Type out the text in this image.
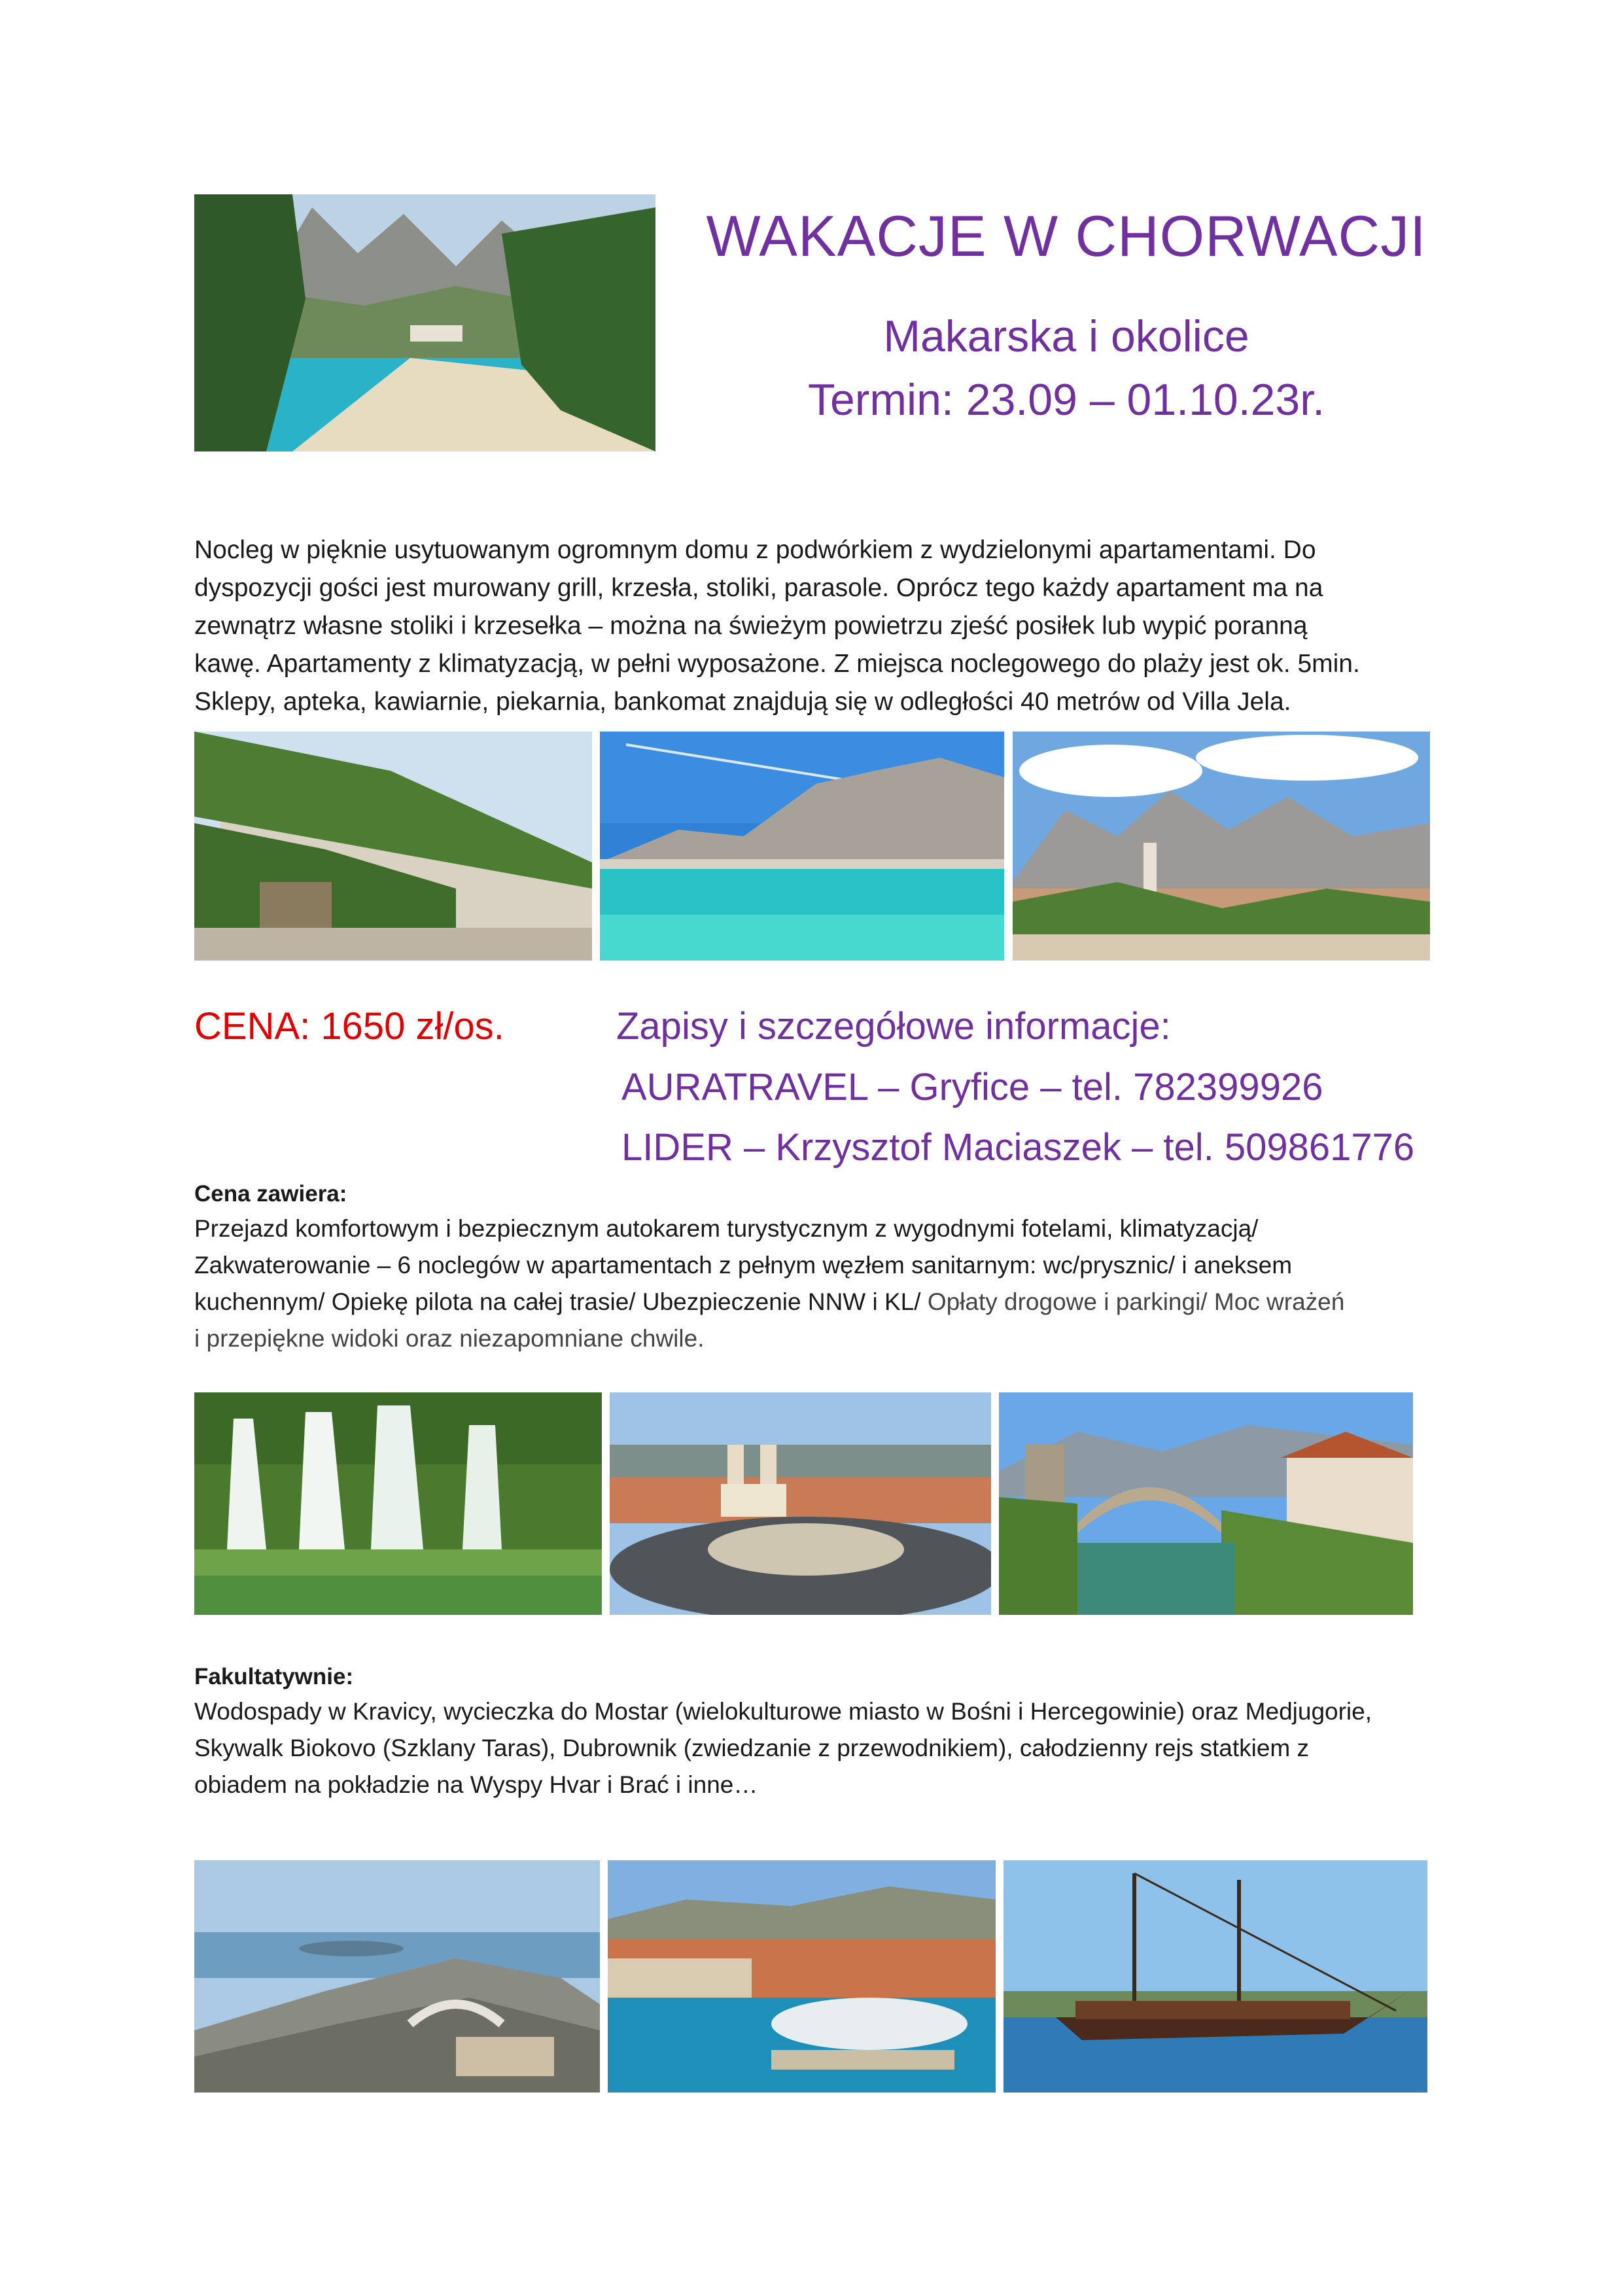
WAKACJE W CHORWACJI
Makarska i okolice
Termin: 23.09 – 01.10.23r.
Nocleg w pięknie usytuowanym ogromnym domu z podwórkiem z wydzielonymi apartamentami. Do
dyspozycji gości jest murowany grill, krzesła, stoliki, parasole. Oprócz tego każdy apartament ma na
zewnątrz własne stoliki i krzesełka – można na świeżym powietrzu zjeść posiłek lub wypić poranną
kawę. Apartamenty z klimatyzacją, w pełni wyposażone. Z miejsca noclegowego do plaży jest ok. 5min.
Sklepy, apteka, kawiarnie, piekarnia, bankomat znajdują się w odległości 40 metrów od Villa Jela.
CENA: 1650 zł/os.	Zapisy i szczegółowe informacje:
AURATRAVEL – Gryfice – tel. 782399926
LIDER – Krzysztof Maciaszek – tel. 509861776
Cena zawiera:
Przejazd komfortowym i bezpiecznym autokarem turystycznym z wygodnymi fotelami, klimatyzacją/
Zakwaterowanie – 6 noclegów w apartamentach z pełnym węzłem sanitarnym: wc/prysznic/ i aneksem
kuchennym/ Opiekę pilota na całej trasie/ Ubezpieczenie NNW i KL/ Opłaty drogowe i parkingi/ Moc wrażeń
i przepiękne widoki oraz niezapomniane chwile.
Fakultatywnie:
Wodospady w Kravicy, wycieczka do Mostar (wielokulturowe miasto w Bośni i Hercegowinie) oraz Medjugorie,
Skywalk Biokovo (Szklany Taras), Dubrownik (zwiedzanie z przewodnikiem), całodzienny rejs statkiem z
obiadem na pokładzie na Wyspy Hvar i Brać i inne…
